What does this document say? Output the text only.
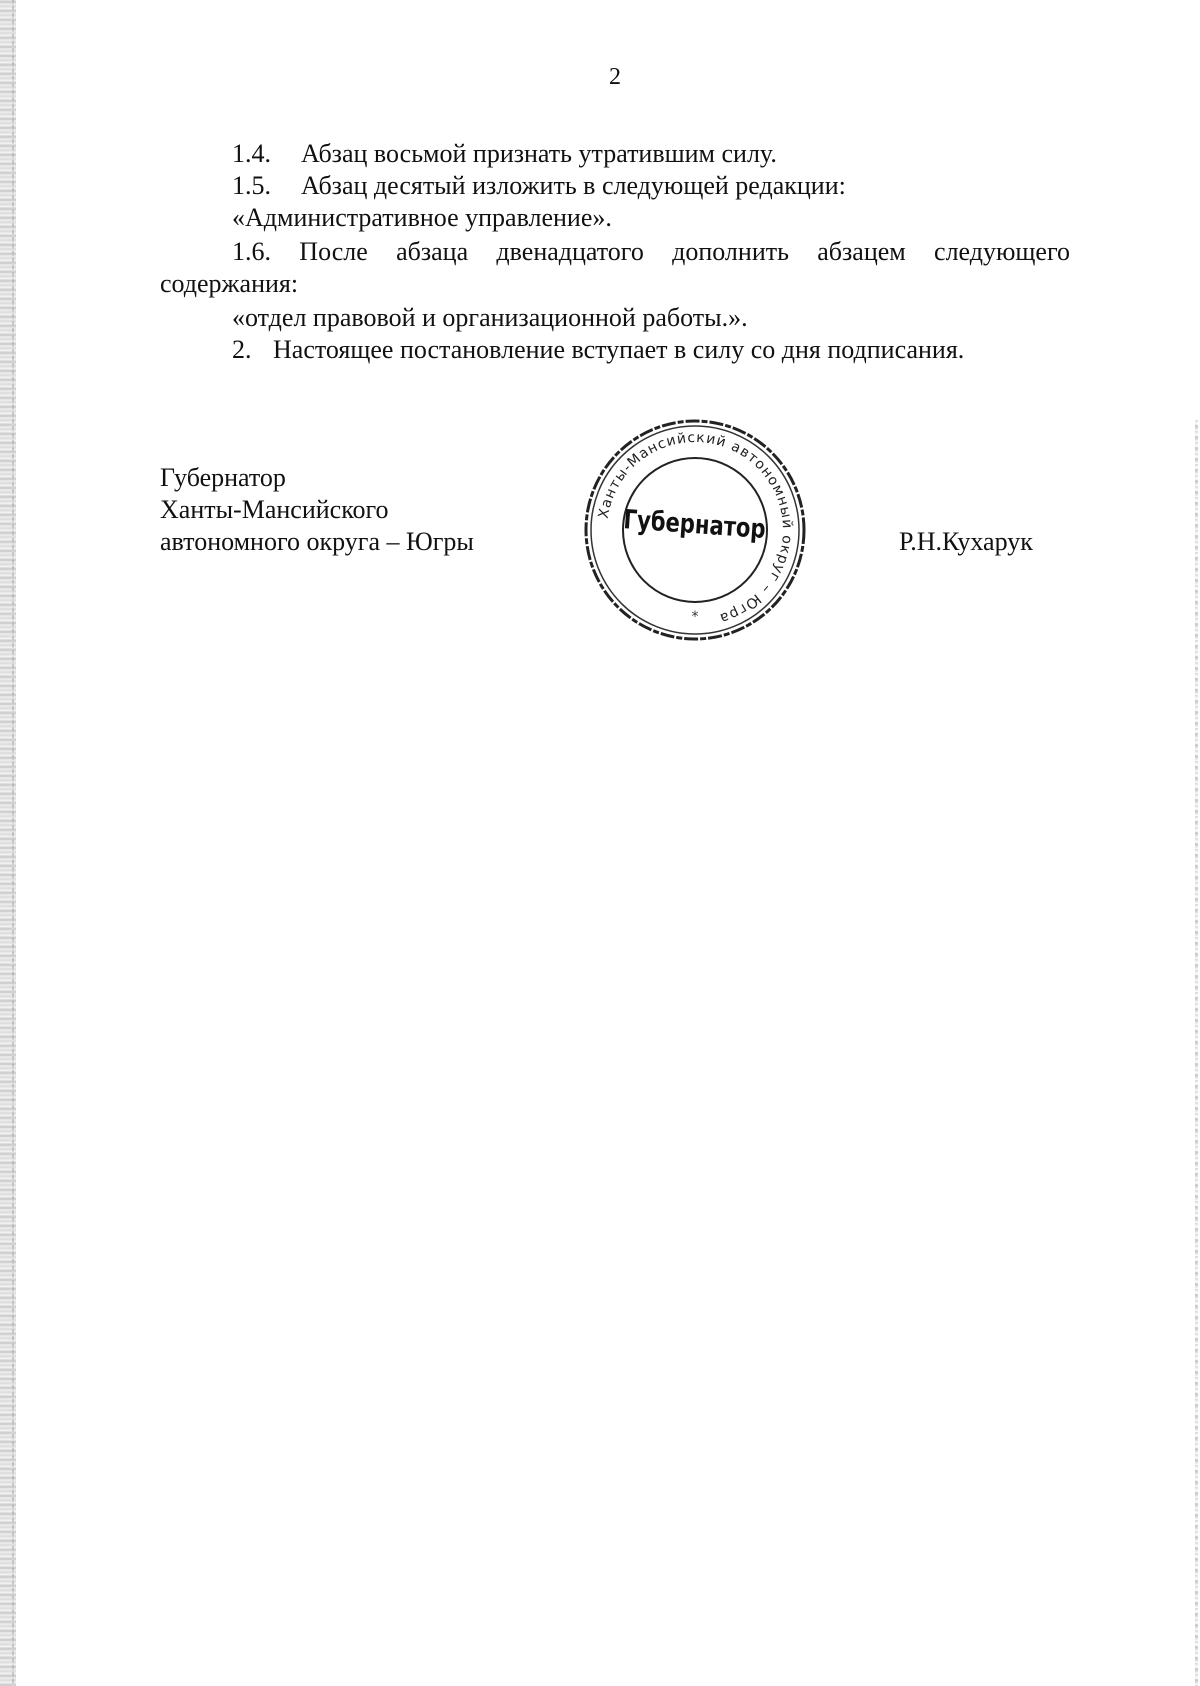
2
1.4. Абзац восьмой признать утратившим силу.
1.5. Абзац десятый изложить в следующей редакции:
«Административное управление».
1.6. После абзаца двенадцатого дополнить абзацем следующего
содержания:
«отдел правовой и организационной работы.».
2. Настоящее постановление вступает в силу со дня подписания.
Губернатор
Ханты-Мансийского
автономного округа – Югры
Ханты-Мансийский автономный округ – Югра
Губернатор
*
Р.Н.Кухарук
